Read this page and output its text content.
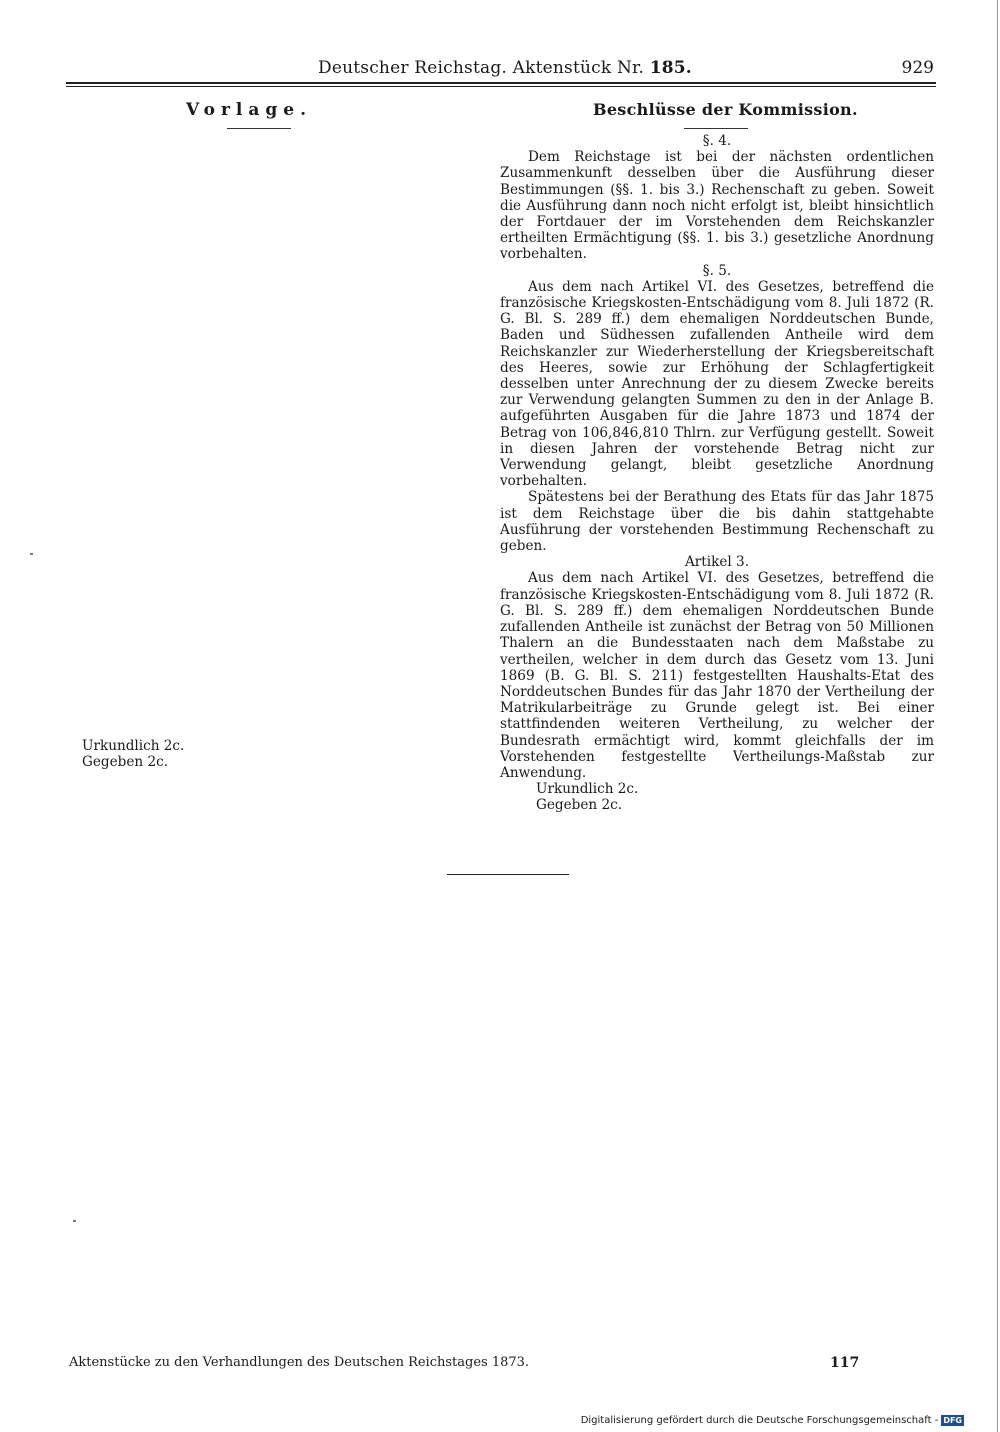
Deutscher Reichstag. Aktenstück Nr. 185.	929
Vorlage.	Beschlüsse der Kommission.

§. 4.

Dem Reichstage ist bei der nächsten ordentlichen Zusammenkunft desselben über die Ausführung dieser Bestimmungen (§§. 1. bis 3.) Rechenschaft zu geben. Soweit die Ausführung dann noch nicht erfolgt ist, bleibt hinsichtlich der Fortdauer der im Vorstehenden dem Reichskanzler ertheilten Ermächtigung (§§. 1. bis 3.) gesetzliche Anordnung vorbehalten.

§. 5.

Aus dem nach Artikel VI. des Gesetzes, betreffend die französische Kriegskosten-Entschädigung vom 8. Juli 1872 (R. G. Bl. S. 289 ff.) dem ehemaligen Norddeutschen Bunde, Baden und Südhessen zufallenden Antheile wird dem Reichskanzler zur Wiederherstellung der Kriegsbereitschaft des Heeres, sowie zur Erhöhung der Schlagfertigkeit desselben unter Anrechnung der zu diesem Zwecke bereits zur Verwendung gelangten Summen zu den in der Anlage B. aufgeführten Ausgaben für die Jahre 1873 und 1874 der Betrag von 106,846,810 Thlrn. zur Verfügung gestellt. Soweit in diesen Jahren der vorstehende Betrag nicht zur Verwendung gelangt, bleibt gesetzliche Anordnung vorbehalten.

Spätestens bei der Berathung des Etats für das Jahr 1875 ist dem Reichstage über die bis dahin stattgehabte Ausführung der vorstehenden Bestimmung Rechenschaft zu geben.

Artikel 3.

Aus dem nach Artikel VI. des Gesetzes, betreffend die französische Kriegskosten-Entschädigung vom 8. Juli 1872 (R. G. Bl. S. 289 ff.) dem ehemaligen Norddeutschen Bunde zufallenden Antheile ist zunächst der Betrag von 50 Millionen Thalern an die Bundesstaaten nach dem Maßstabe zu vertheilen, welcher in dem durch das Gesetz vom 13. Juni 1869 (B. G. Bl. S. 211) festgestellten Haushalts-Etat des Norddeutschen Bundes für das Jahr 1870 der Vertheilung der Matrikularbeiträge zu Grunde gelegt ist. Bei einer stattfindenden weiteren Vertheilung, zu welcher der Bundesrath ermächtigt wird, kommt gleichfalls der im Vorstehenden festgestellte Vertheilungs-Maßstab zur Anwendung.

Urkundlich 2c.

Gegeben 2c.

Urkundlich 2c.
Gegeben 2c.
Aktenstücke zu den Verhandlungen des Deutschen Reichstages 1873.	117
Digitalisierung gefördert durch die Deutsche Forschungsgemeinschaft - DFG
